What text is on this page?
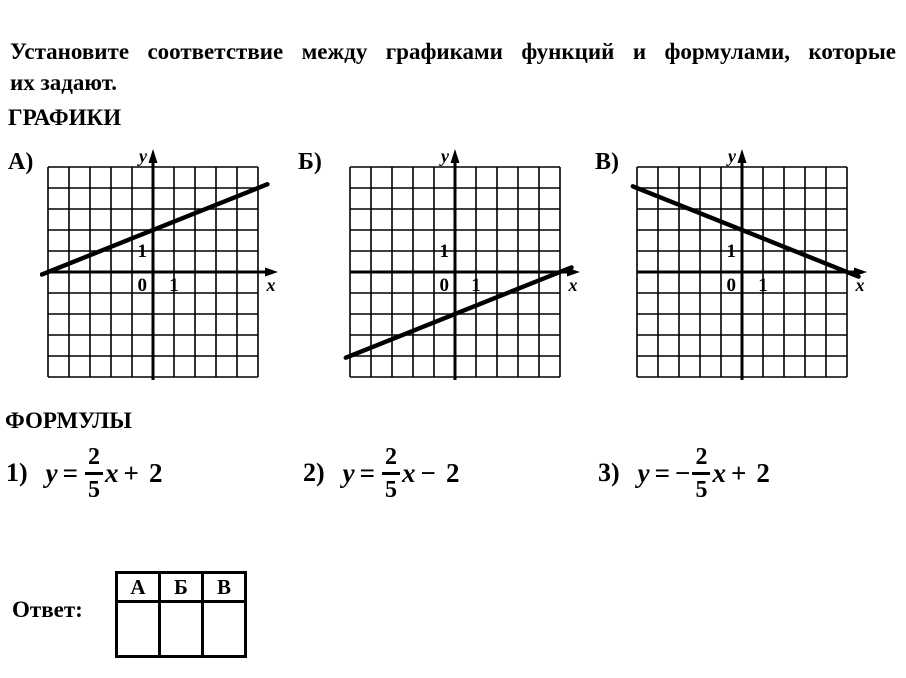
Установите соответствие между графиками функций и формулами, которые
их задают.
ГРАФИКИ
А)	y
x
1
0 1
Б)	y
x
1
0 1
В)	y
x
1
0 1
ФОРМУЛЫ
1) $y = \frac{2}{5}$ x + 2	2) $y = \frac{2}{5}$ x − 2	3) y = − $\frac{2}{5}$ x + 2
Ответ:
А	Б	В
